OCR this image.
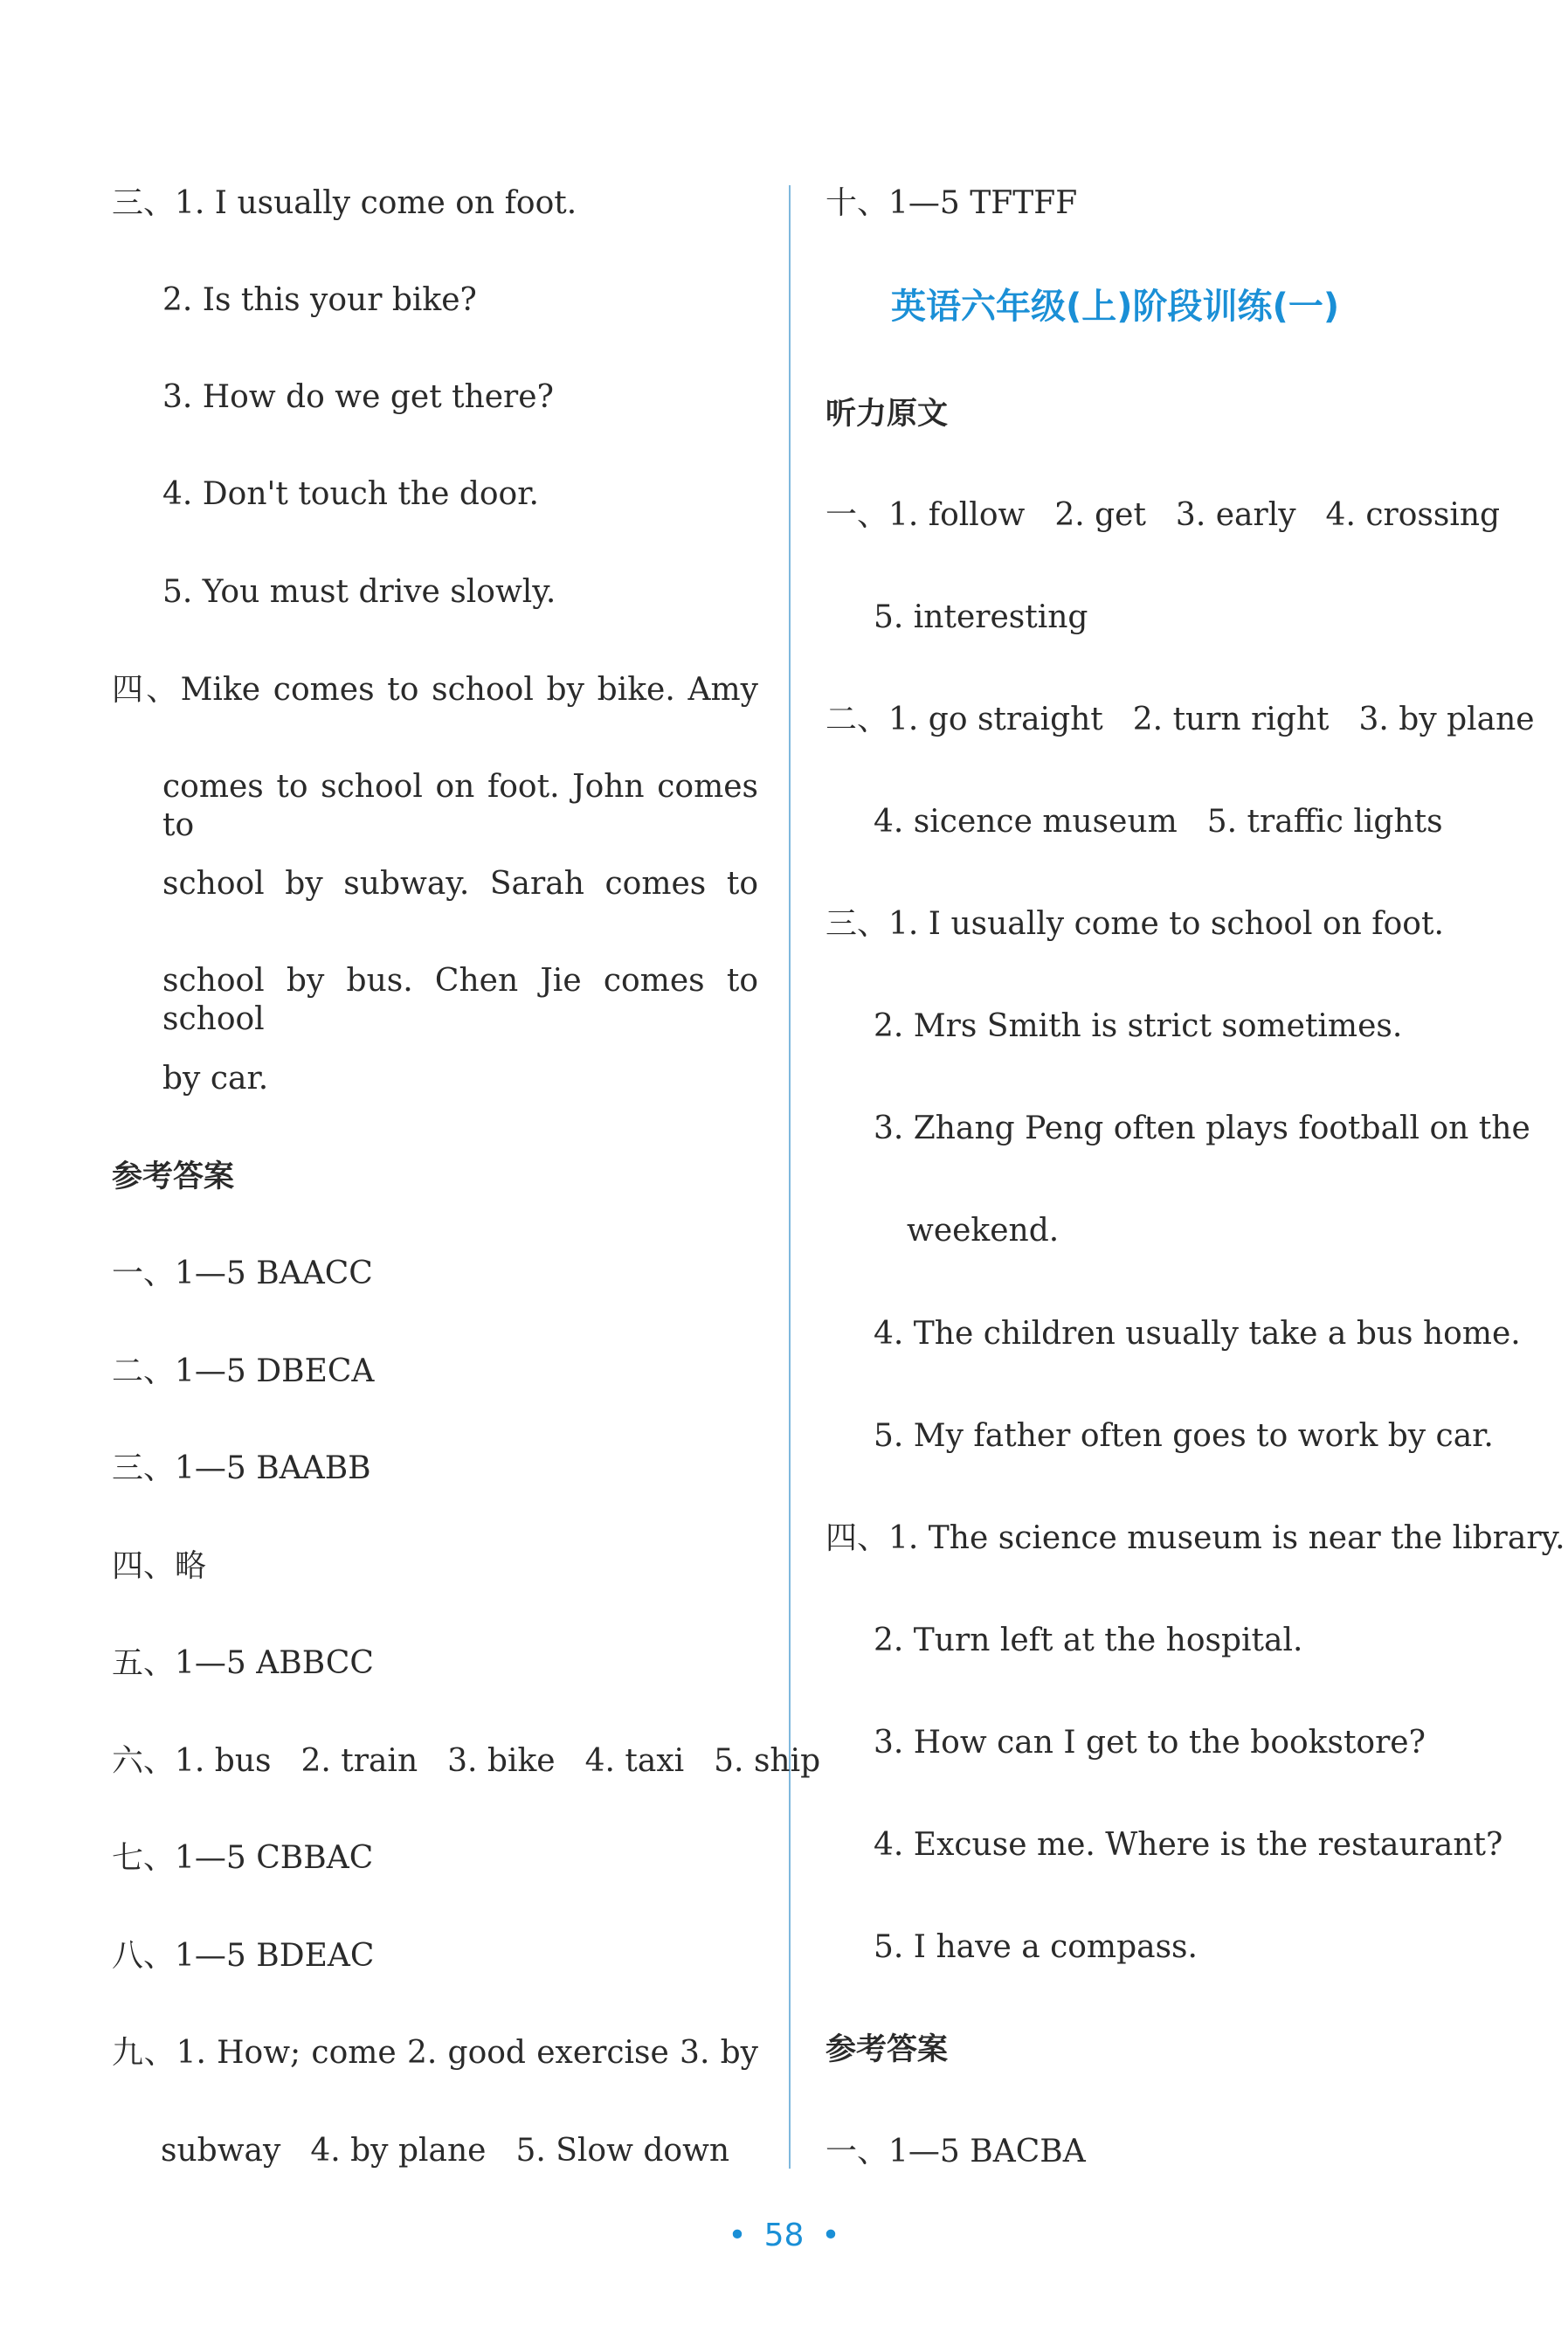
三、1. I usually come on foot.
2. Is this your bike?
3. How do we get there?
4. Don't touch the door.
5. You must drive slowly.
四、Mike comes to school by bike. Amy
comes to school on foot. John comes to
school by subway. Sarah comes to
school by bus. Chen Jie comes to school
by car.
参考答案
一、1—5 BAACC
二、1—5 DBECA
三、1—5 BAABB
四、略
五、1—5 ABBCC
六、1. bus 2. train 3. bike 4. taxi 5. ship
七、1—5 CBBAC
八、1—5 BDEAC
九、1. How; come 2. good exercise 3. by
subway 4. by plane 5. Slow down
十、1—5 TFTFF
英语六年级(上)阶段训练(一)
听力原文
一、1. follow 2. get 3. early 4. crossing
5. interesting
二、1. go straight 2. turn right 3. by plane
4. sicence museum 5. traffic lights
三、1. I usually come to school on foot.
2. Mrs Smith is strict sometimes.
3. Zhang Peng often plays football on the
weekend.
4. The children usually take a bus home.
5. My father often goes to work by car.
四、1. The science museum is near the library.
2. Turn left at the hospital.
3. How can I get to the bookstore?
4. Excuse me. Where is the restaurant?
5. I have a compass.
参考答案
一、1—5 BACBA
• 58 •
